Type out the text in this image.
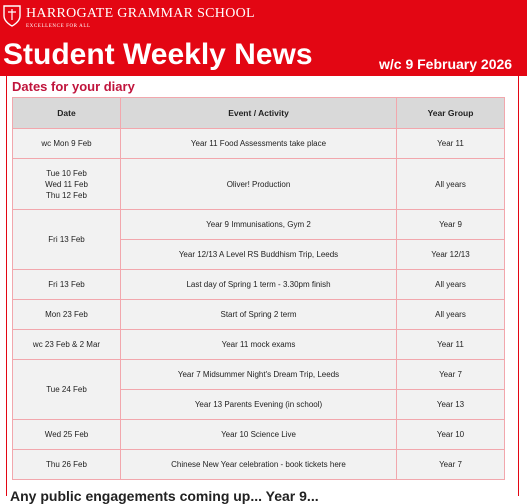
HARROGATE GRAMMAR SCHOOL
EXCELLENCE FOR ALL
Student Weekly News	w/c 9 February 2026
Dates for your diary
Date	Event / Activity	Year Group
wc Mon 9 Feb	Year 11 Food Assessments take place	Year 11
Tue 10 Feb
Wed 11 Feb
Thu 12 Feb	Oliver! Production	All years
Fri 13 Feb	Year 9 Immunisations, Gym 2	Year 9
	Year 12/13 A Level RS Buddhism Trip, Leeds	Year 12/13
Fri 13 Feb	Last day of Spring 1 term - 3.30pm finish	All years
Mon 23 Feb	Start of Spring 2 term	All years
wc 23 Feb & 2 Mar	Year 11 mock exams	Year 11
Tue 24 Feb	Year 7 Midsummer Night's Dream Trip, Leeds	Year 7
	Year 13 Parents Evening (in school)	Year 13
Wed 25 Feb	Year 10 Science Live	Year 10
Thu 26 Feb	Chinese New Year celebration - book tickets here	Year 7
Any public engagements coming up... Year 9...
